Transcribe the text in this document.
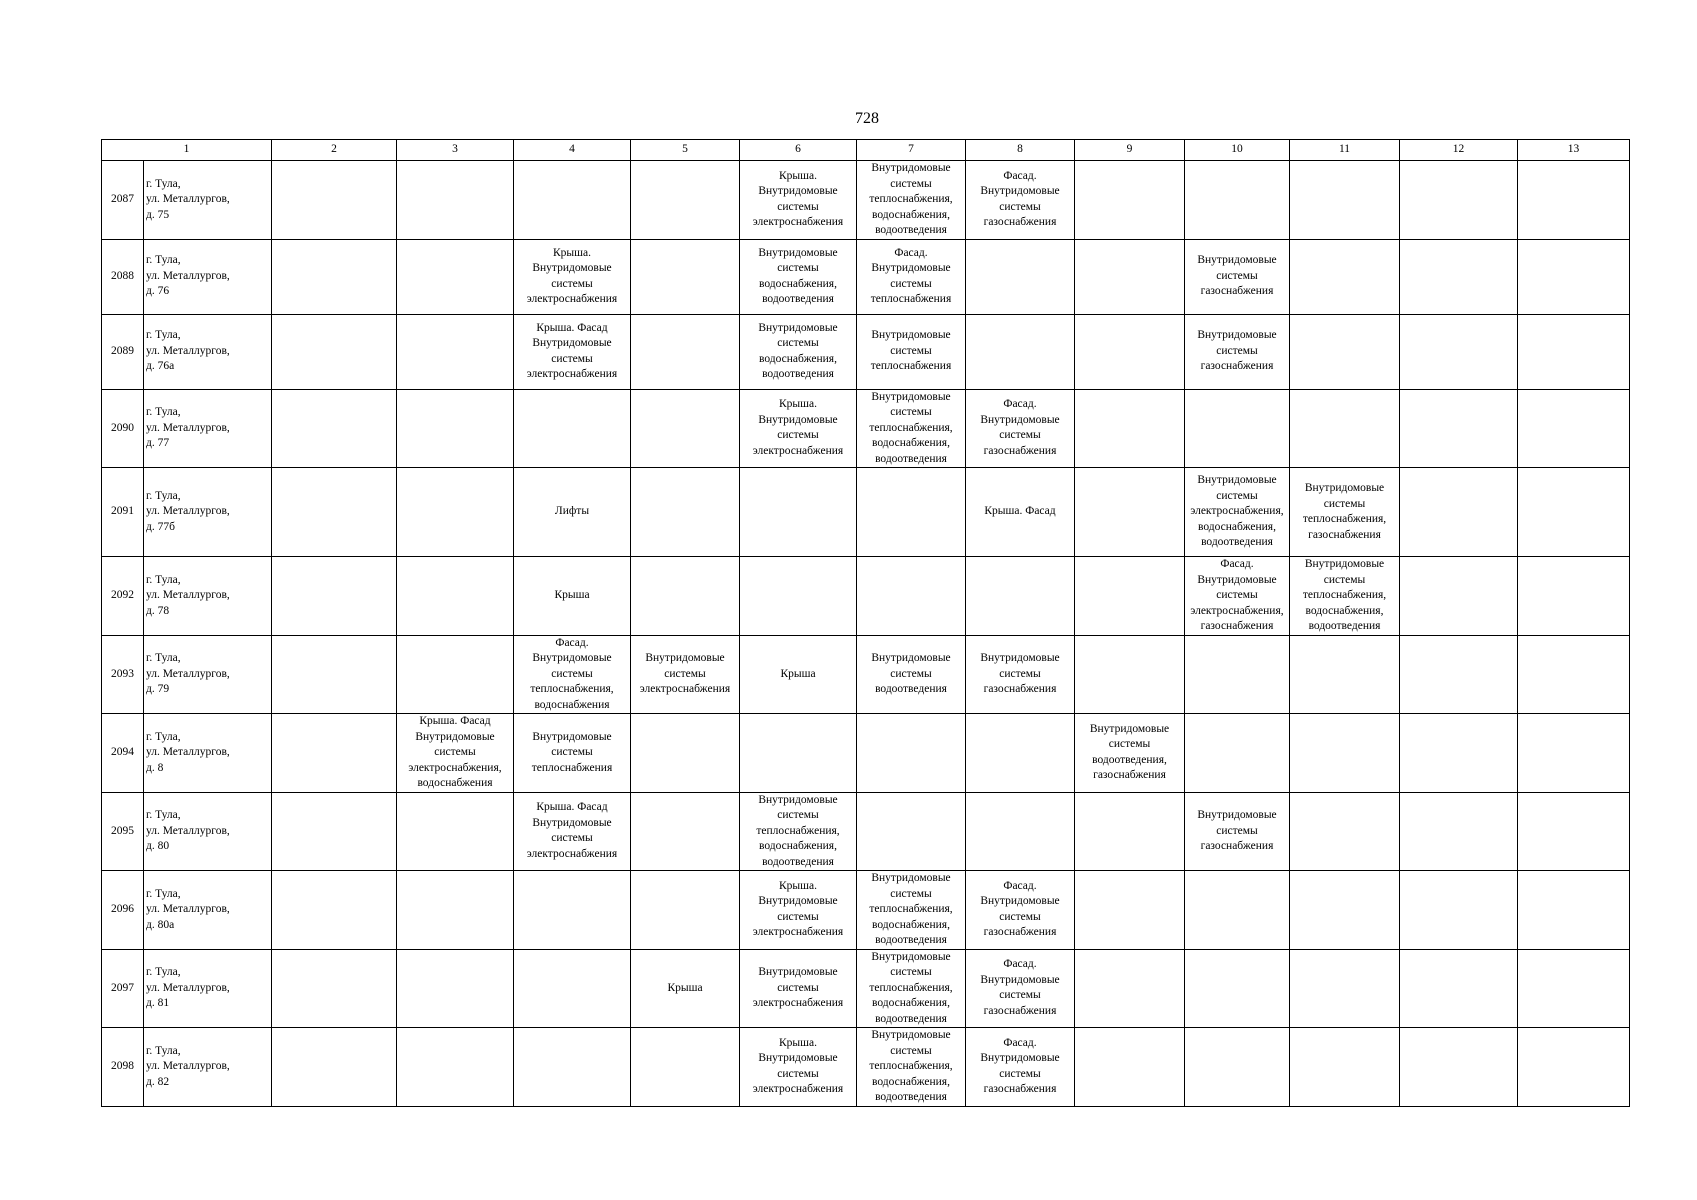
728
1		2	3	4	5	6	7	8	9	10	11	12	13
2087	г. Тула,
ул. Металлургов,
д. 75					Крыша. Внутридомовые системы электроснабжения	Внутридомовые системы теплоснабжения, водоснабжения, водоотведения	Фасад. Внутридомовые системы газоснабжения					

2088	г. Тула,
ул. Металлургов,
д. 76			Крыша. Внутридомовые системы электроснабжения		Внутридомовые системы водоснабжения, водоотведения	Фасад. Внутридомовые системы теплоснабжения			Внутридомовые системы газоснабжения			

2089	г. Тула,
ул. Металлургов,
д. 76а			Крыша. Фасад Внутридомовые системы электроснабжения		Внутридомовые системы водоснабжения, водоотведения	Внутридомовые системы теплоснабжения			Внутридомовые системы газоснабжения			

2090	г. Тула,
ул. Металлургов,
д. 77					Крыша. Внутридомовые системы электроснабжения	Внутридомовые системы теплоснабжения, водоснабжения, водоотведения	Фасад. Внутридомовые системы газоснабжения					

2091	г. Тула,
ул. Металлургов,
д. 77б			Лифты				Крыша. Фасад		Внутридомовые системы электроснабжения, водоснабжения, водоотведения	Внутридомовые системы теплоснабжения, газоснабжения		

2092	г. Тула,
ул. Металлургов,
д. 78			Крыша						Фасад. Внутридомовые системы электроснабжения, газоснабжения	Внутридомовые системы теплоснабжения, водоснабжения, водоотведения		

2093	г. Тула,
ул. Металлургов,
д. 79			Фасад. Внутридомовые системы теплоснабжения, водоснабжения	Внутридомовые системы электроснабжения	Крыша	Внутридомовые системы водоотведения	Внутридомовые системы газоснабжения					

2094	г. Тула,
ул. Металлургов,
д. 8		Крыша. Фасад Внутридомовые системы электроснабжения, водоснабжения	Внутридомовые системы теплоснабжения					Внутридомовые системы водоотведения, газоснабжения				

2095	г. Тула,
ул. Металлургов,
д. 80			Крыша. Фасад Внутридомовые системы электроснабжения		Внутридомовые системы теплоснабжения, водоснабжения, водоотведения				Внутридомовые системы газоснабжения			

2096	г. Тула,
ул. Металлургов,
д. 80а					Крыша. Внутридомовые системы электроснабжения	Внутридомовые системы теплоснабжения, водоснабжения, водоотведения	Фасад. Внутридомовые системы газоснабжения					

2097	г. Тула,
ул. Металлургов,
д. 81				Крыша	Внутридомовые системы электроснабжения	Внутридомовые системы теплоснабжения, водоснабжения, водоотведения	Фасад. Внутридомовые системы газоснабжения					

2098	г. Тула,
ул. Металлургов,
д. 82					Крыша. Внутридомовые системы электроснабжения	Внутридомовые системы теплоснабжения, водоснабжения, водоотведения	Фасад. Внутридомовые системы газоснабжения					
